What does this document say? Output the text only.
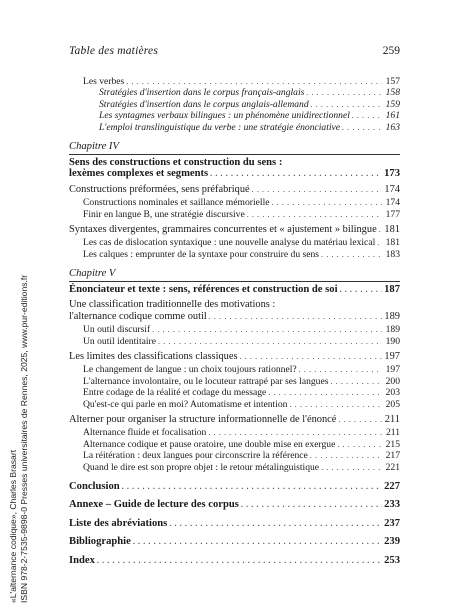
«L'alternance codique», Charles Brasart ISBN 978-2-7535-9898-0 Presses universitaires de Rennes, 2025, www.pur-editions.fr
Table des matières	259
Les verbes . . .	157
Stratégies d'insertion dans le corpus français-anglais . . .	158
Stratégies d'insertion dans le corpus anglais-allemand . . .	159
Les syntagmes verbaux bilingues : un phénomène unidirectionnel . . .	161
L'emploi translinguistique du verbe : une stratégie énonciative . . .	163
Chapitre IV
Sens des constructions et construction du sens :
lexèmes complexes et segments . . .	173
Constructions préformées, sens préfabriqué . . .	174
Constructions nominales et saillance mémorielle . . .	174
Finir en langue B, une stratégie discursive . . .	177
Syntaxes divergentes, grammaires concurrentes et « ajustement » bilingue . . . 181
Les cas de dislocation syntaxique : une nouvelle analyse du matériau lexical . . . 181
Les calques : emprunter de la syntaxe pour construire du sens . . .	183
Chapitre V
Énonciateur et texte : sens, références et construction de soi . . .	187
Une classification traditionnelle des motivations :
l'alternance codique comme outil . . .	189
Un outil discursif . . .	189
Un outil identitaire . . .	190
Les limites des classifications classiques . . .	197
Le changement de langue : un choix toujours rationnel? . . .	197
L'alternance involontaire, ou le locuteur rattrapé par ses langues . . .	200
Entre codage de la réalité et codage du message . . .	203
Qu'est-ce qui parle en moi? Automatisme et intention . . .	205
Alterner pour organiser la structure informationnelle de l'énoncé . . .	211
Alternance fluide et focalisation . . .	211
Alternance codique et pause oratoire, une double mise en exergue . . .	215
La réitération : deux langues pour circonscrire la référence . . .	217
Quand le dire est son propre objet : le retour métalinguistique . . .	221
Conclusion . . .	227
Annexe – Guide de lecture des corpus . . .	233
Liste des abréviations . . .	237
Bibliographie . . .	239
Index . . .	253
